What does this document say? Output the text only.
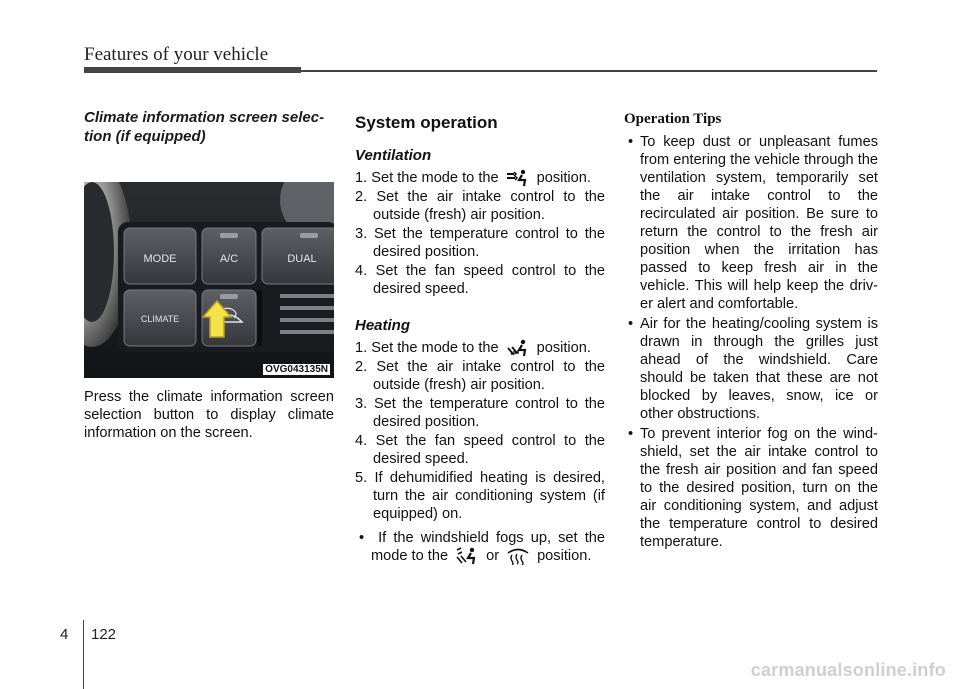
Features of your vehicle
Climate information screen selec-
tion (if equipped)
MODE	A/C	DUAL
CLIMATE
OVG043135N

Press the climate information screen selection button to display climate information on the screen.

System operation
Ventilation
1. Set the mode to the	position.
2. Set the air intake control to the outside (fresh) air position.
3. Set the temperature control to the desired position.
4. Set the fan speed control to the desired speed.
Heating
1. Set the mode to the	position.
2. Set the air intake control to the outside (fresh) air position.
3. Set the temperature control to the desired position.
4. Set the fan speed control to the desired speed.
5. If dehumidified heating is desired, turn the air conditioning system (if equipped) on.
• If the windshield fogs up, set the mode to the	or	position.
Operation Tips
• To keep dust or unpleasant fumes from entering the vehicle through the ventilation system, temporarily set the air intake control to the recirculated air position. Be sure to return the control to the fresh air position when the irritation has passed to keep fresh air in the vehicle. This will help keep the driv-er alert and comfortable.
• Air for the heating/cooling system is drawn in through the grilles just ahead of the windshield. Care should be taken that these are not blocked by leaves, snow, ice or other obstructions.
• To prevent interior fog on the wind-shield, set the air intake control to the fresh air position and fan speed to the desired position, turn on the air conditioning system, and adjust the temperature control to desired temperature.
4 122
carmanualsonline.info
